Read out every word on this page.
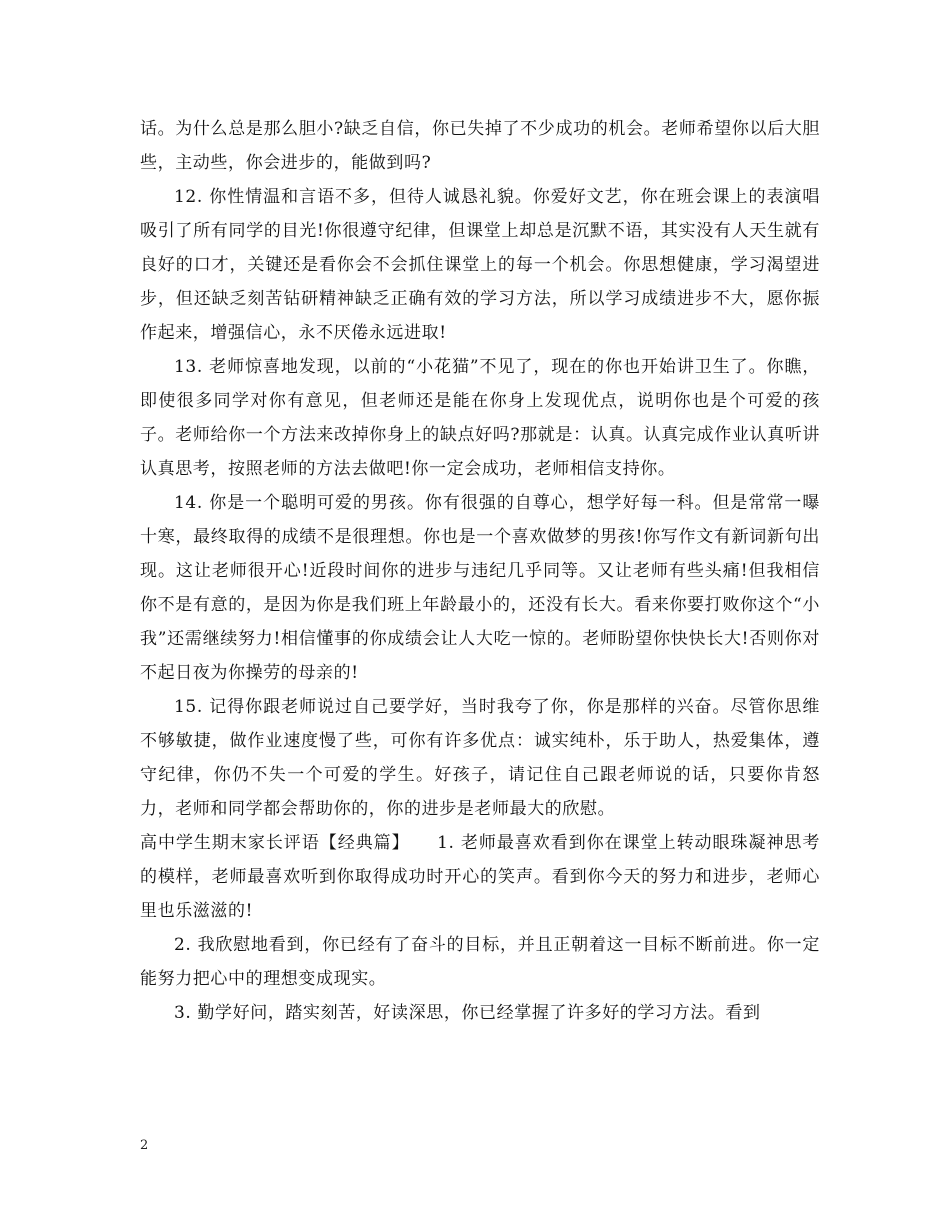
话。为什么总是那么胆小?缺乏自信，你已失掉了不少成功的机会。老师希望你以后大胆些，主动些，你会进步的，能做到吗?

12. 你性情温和言语不多，但待人诚恳礼貌。你爱好文艺，你在班会课上的表演唱吸引了所有同学的目光!你很遵守纪律，但课堂上却总是沉默不语，其实没有人天生就有良好的口才，关键还是看你会不会抓住课堂上的每一个机会。你思想健康，学习渴望进步，但还缺乏刻苦钻研精神缺乏正确有效的学习方法，所以学习成绩进步不大，愿你振作起来，增强信心，永不厌倦永远进取!

13. 老师惊喜地发现，以前的“小花猫”不见了，现在的你也开始讲卫生了。你瞧，即使很多同学对你有意见，但老师还是能在你身上发现优点，说明你也是个可爱的孩子。老师给你一个方法来改掉你身上的缺点好吗?那就是：认真。认真完成作业认真听讲认真思考，按照老师的方法去做吧!你一定会成功，老师相信支持你。

14. 你是一个聪明可爱的男孩。你有很强的自尊心，想学好每一科。但是常常一曝十寒，最终取得的成绩不是很理想。你也是一个喜欢做梦的男孩!你写作文有新词新句出现。这让老师很开心!近段时间你的进步与违纪几乎同等。又让老师有些头痛!但我相信你不是有意的，是因为你是我们班上年龄最小的，还没有长大。看来你要打败你这个“小我”还需继续努力!相信懂事的你成绩会让人大吃一惊的。老师盼望你快快长大!否则你对不起日夜为你操劳的母亲的!

15. 记得你跟老师说过自己要学好，当时我夸了你，你是那样的兴奋。尽管你思维不够敏捷，做作业速度慢了些，可你有许多优点：诚实纯朴，乐于助人，热爱集体，遵守纪律，你仍不失一个可爱的学生。好孩子，请记住自己跟老师说的话，只要你肯怒力，老师和同学都会帮助你的，你的进步是老师最大的欣慰。

高中学生期末家长评语【经典篇】　　1. 老师最喜欢看到你在课堂上转动眼珠凝神思考的模样，老师最喜欢听到你取得成功时开心的笑声。看到你今天的努力和进步，老师心里也乐滋滋的!

2. 我欣慰地看到，你已经有了奋斗的目标，并且正朝着这一目标不断前进。你一定能努力把心中的理想变成现实。

3. 勤学好问，踏实刻苦，好读深思，你已经掌握了许多好的学习方法。看到

2
